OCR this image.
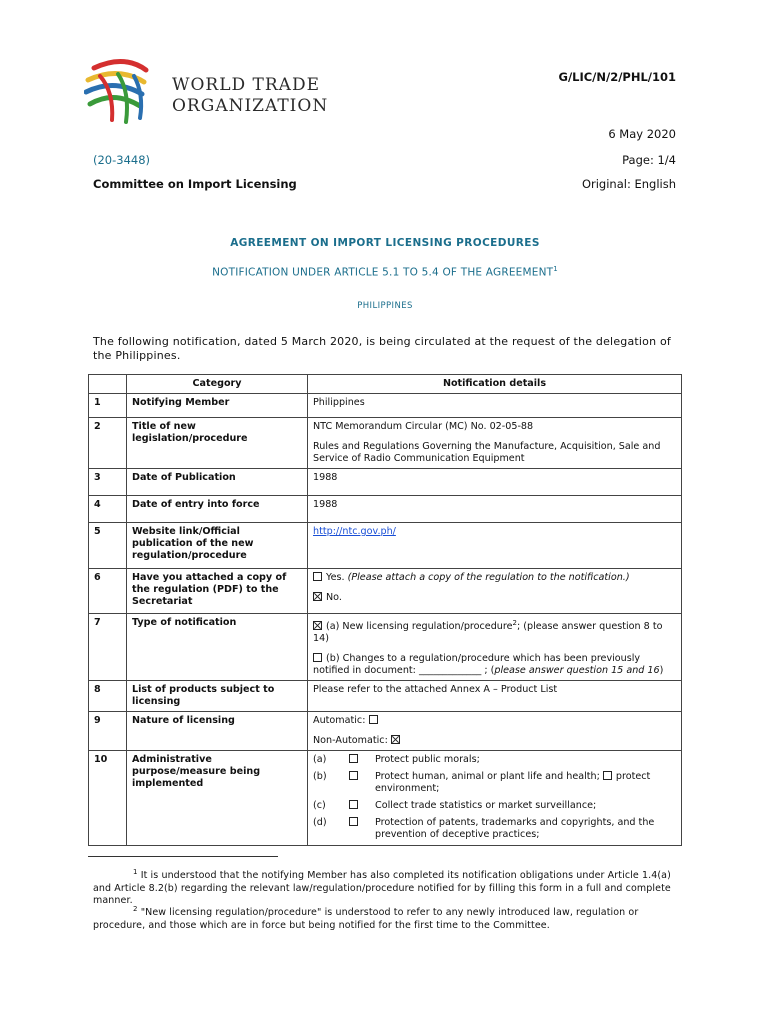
WORLD TRADE
ORGANIZATION
G/LIC/N/2/PHL/101
6 May 2020
(20-3448)	Page: 1/4
Committee on Import Licensing	Original: English
AGREEMENT ON IMPORT LICENSING PROCEDURES
NOTIFICATION UNDER ARTICLE 5.1 TO 5.4 OF THE AGREEMENT$^1$
PHILIPPINES
The following notification, dated 5 March 2020, is being circulated at the request of the delegation of the Philippines.
	Category	Notification details
1	Notifying Member	Philippines
2	Title of new legislation/procedure	
NTC Memorandum Circular (MC) No. 02-05-88
Rules and Regulations Governing the Manufacture, Acquisition, Sale and Service of Radio Communication Equipment

3	Date of Publication	1988
4	Date of entry into force	1988
5	Website link/Official publication of the new regulation/procedure	http://ntc.gov.ph/
6	Have you attached a copy of the regulation (PDF) to the Secretariat	
Yes. (Please attach a copy of the regulation to the notification.)
No.

7	Type of notification	(a) New licensing regulation/procedure$^2$; (please answer question 8 to 14)
(b) Changes to a regulation/procedure which has been previously notified in document: _____________ ; (please answer question 15 and 16)

8	List of products subject to licensing	Please refer to the attached Annex A – Product List
9	Nature of licensing	Automatic:
Non-Automatic:

10	Administrative purpose/measure being implemented	
(a)		Protect public morals;
(b)		Protect human, animal or plant life and health; protect environment;
(c)		Collect trade statistics or market surveillance;
(d)		Protection of patents, trademarks and copyrights, and the prevention of deceptive practices;
$^1$ It is understood that the notifying Member has also completed its notification obligations under Article 1.4(a) and Article 8.2(b) regarding the relevant law/regulation/procedure notified for by filling this form in a full and complete manner.
$^2$ "New licensing regulation/procedure" is understood to refer to any newly introduced law, regulation or procedure, and those which are in force but being notified for the first time to the Committee.
